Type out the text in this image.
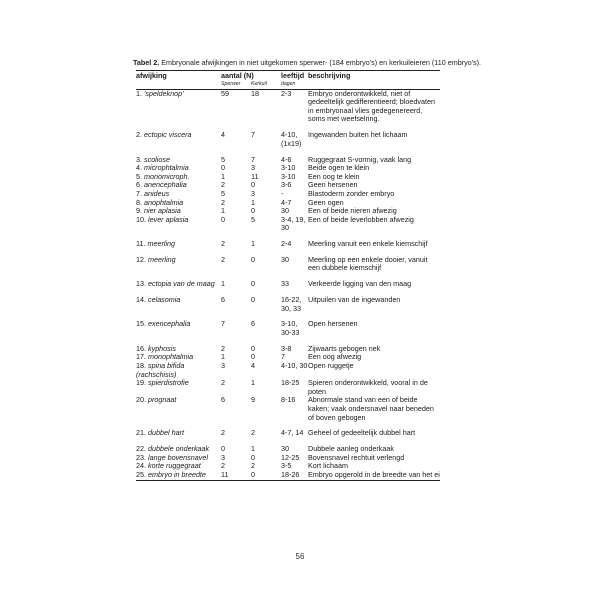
Tabel 2. Embryonale afwijkingen in niet uitgekomen sperwer- (184 embryo's) en kerkuileieren (110 embryo's).
afwijking	aantal (N)		leeftijd	beschrijving
	Sperwer	Kerkuil	dagen	
1. 'speldeknop'	59	18	2-3	Embryo onderontwikkeld, niet of gedeeltelijk gedifferentieerd; bloedvaten in embryonaal vlies gedegenereerd, soms met weefselring.
2. ectopic viscera	4	7	4-10, (1x19)	Ingewanden buiten het lichaam
3. scoliose	5	7	4-6	Ruggegraat S-vormig, vaak lang
4. microphtalmia	0	3	3-10	Beide ogen te klein
5. monomicroph.	1	11	3-10	Een oog te klein
6. anencephalia	2	0	3-6	Geen hersenen
7. anideus	5	3	-	Blastoderm zonder embryo
8. anophtalmia	2	1	4-7	Geen ogen
9. nier aplasia	1	0	30	Een of beide nieren afwezig
10. lever aplasia	0	5	3-4, 19, 30	Een of beide leverlobben afwezig
11. meerling	2	1	2-4	Meerling vanuit een enkele kiemschijf
12. meerling	2	0	30	Meerling op een enkele dooier, vanuit een dubbele kiemschijf
13. ectopia van de maag	1	0	33	Verkeerde ligging van den maag
14. celasomia	6	0	16-22, 30, 33	Uitpuilen van de ingewanden
15. exencephalia	7	6	3-10, 30-33	Open hersenen
16. kyphosis	2	0	3-8	Zijwaarts gebogen nek
17. monophtalmia	1	0	7	Een oog afwezig
18. spina bifida (rachschisis)	3	4	4-10, 30	Open ruggetje
19. spierdistrofie	2	1	18-25	Spieren onderontwikkeld, vooral in de poten
20. prognaat	6	9	8-16	Abnormale stand van een of beide kaken; vaak ondersnavel naar beneden of boven gebogen
21. dubbel hart	2	2	4-7, 14	Geheel of gedeeltelijk dubbel hart
22. dubbele onderkaak	0	1	30	Dubbele aanleg onderkaak
23. lange bovensnavel	3	0	12-25	Bovensnavel rechtuit verlengd
24. korte ruggegraat	2	2	3-5	Kort lichaam
25. embryo in breedte	11	0	18-26	Embryo opgerold in de breedte van het ei
56
